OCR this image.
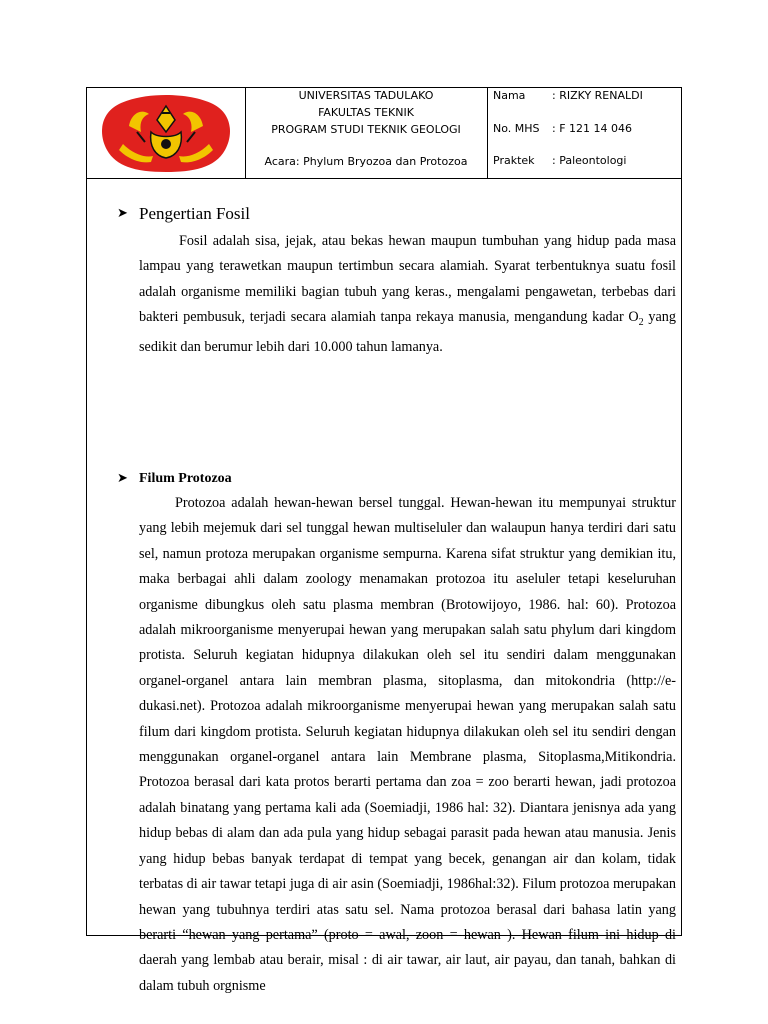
UNIVERSITAS TADULAKO
FAKULTAS TEKNIK
PROGRAM STUDI TEKNIK GEOLOGI
Acara: Phylum Bryozoa dan Protozoa
Nama : RIZKY RENALDI
No. MHS : F 121 14 046
Praktek : Paleontologi
➤ Pengertian Fosil
Fosil adalah sisa, jejak, atau bekas hewan maupun tumbuhan yang hidup pada masa lampau yang terawetkan maupun tertimbun secara alamiah. Syarat terbentuknya suatu fosil adalah organisme memiliki bagian tubuh yang keras., mengalami pengawetan, terbebas dari bakteri pembusuk, terjadi secara alamiah tanpa rekaya manusia, mengandung kadar $O_2$ yang sedikit dan berumur lebih dari 10.000 tahun lamanya.
➤ Filum Protozoa
Protozoa adalah hewan-hewan bersel tunggal. Hewan-hewan itu mempunyai struktur yang lebih mejemuk dari sel tunggal hewan multiseluler dan walaupun hanya terdiri dari satu sel, namun protoza merupakan organisme sempurna. Karena sifat struktur yang demikian itu, maka berbagai ahli dalam zoology menamakan protozoa itu aseluler tetapi keseluruhan organisme dibungkus oleh satu plasma membran (Brotowijoyo, 1986. hal: 60). Protozoa adalah mikroorganisme menyerupai hewan yang merupakan salah satu phylum dari kingdom protista. Seluruh kegiatan hidupnya dilakukan oleh sel itu sendiri dalam menggunakan organel-organel antara lain membran plasma, sitoplasma, dan mitokondria (http://e-dukasi.net). Protozoa adalah mikroorganisme menyerupai hewan yang merupakan salah satu filum dari kingdom protista. Seluruh kegiatan hidupnya dilakukan oleh sel itu sendiri dengan menggunakan organel-organel antara lain Membrane plasma, Sitoplasma,Mitikondria. Protozoa berasal dari kata protos berarti pertama dan zoa = zoo berarti hewan, jadi protozoa adalah binatang yang pertama kali ada (Soemiadji, 1986 hal: 32). Diantara jenisnya ada yang hidup bebas di alam dan ada pula yang hidup sebagai parasit pada hewan atau manusia. Jenis yang hidup bebas banyak terdapat di tempat yang becek, genangan air dan kolam, tidak terbatas di air tawar tetapi juga di air asin (Soemiadji, 1986hal:32). Filum protozoa merupakan hewan yang tubuhnya terdiri atas satu sel. Nama protozoa berasal dari bahasa latin yang berarti “hewan yang pertama” (proto = awal, zoon = hewan ). Hewan filum ini hidup di daerah yang lembab atau berair, misal : di air tawar, air laut, air payau, dan tanah, bahkan di dalam tubuh orgnisme
